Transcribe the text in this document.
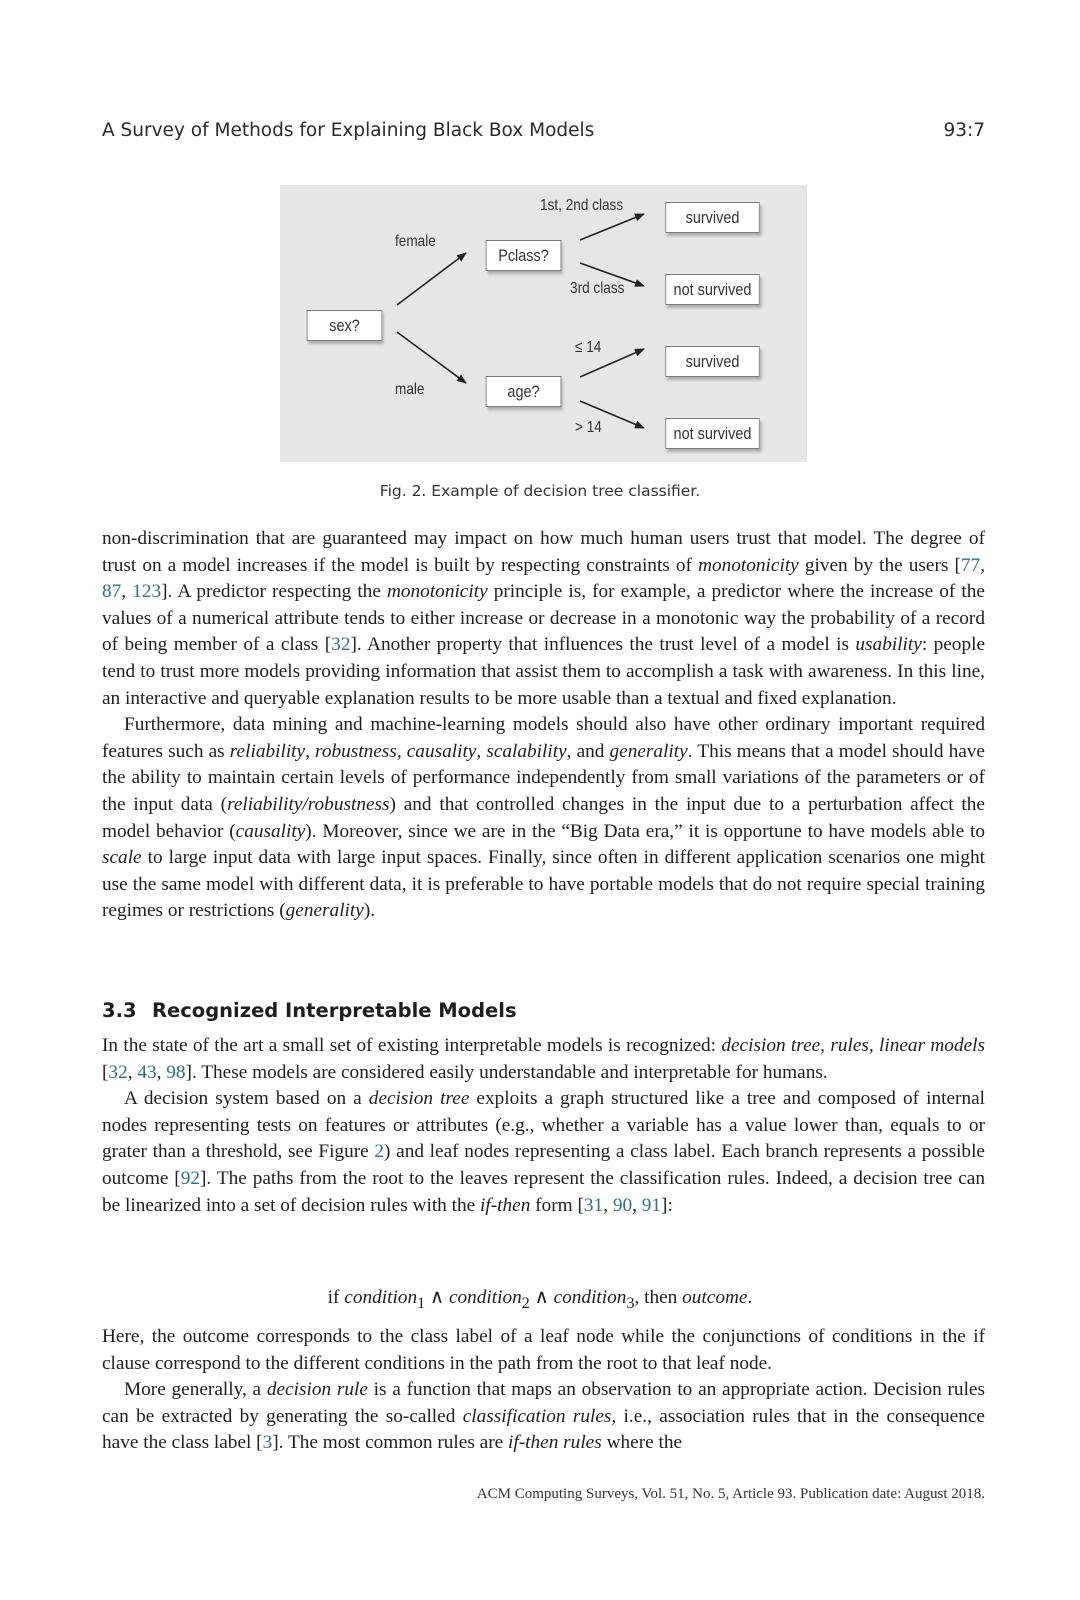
A Survey of Methods for Explaining Black Box Models	93:7
sex?
Pclass?
age?
survived
not survived
survived
not survived
female
male
1st, 2nd class
3rd class
≤ 14
> 14
Fig. 2. Example of decision tree classifier.

non-discrimination that are guaranteed may impact on how much human users trust that model. The degree of trust on a model increases if the model is built by respecting constraints of monotonicity given by the users [77, 87, 123]. A predictor respecting the monotonicity principle is, for example, a predictor where the increase of the values of a numerical attribute tends to either increase or decrease in a monotonic way the probability of a record of being member of a class [32]. Another property that influences the trust level of a model is usability: people tend to trust more models providing information that assist them to accomplish a task with awareness. In this line, an interactive and queryable explanation results to be more usable than a textual and fixed explanation.

Furthermore, data mining and machine-learning models should also have other ordinary important required features such as reliability, robustness, causality, scalability, and generality. This means that a model should have the ability to maintain certain levels of performance independently from small variations of the parameters or of the input data (reliability/robustness) and that controlled changes in the input due to a perturbation affect the model behavior (causality). Moreover, since we are in the “Big Data era,” it is opportune to have models able to scale to large input data with large input spaces. Finally, since often in different application scenarios one might use the same model with different data, it is preferable to have portable models that do not require special training regimes or restrictions (generality).

3.3 Recognized Interpretable Models

In the state of the art a small set of existing interpretable models is recognized: decision tree, rules, linear models [32, 43, 98]. These models are considered easily understandable and interpretable for humans.

A decision system based on a decision tree exploits a graph structured like a tree and composed of internal nodes representing tests on features or attributes (e.g., whether a variable has a value lower than, equals to or grater than a threshold, see Figure 2) and leaf nodes representing a class label. Each branch represents a possible outcome [92]. The paths from the root to the leaves represent the classification rules. Indeed, a decision tree can be linearized into a set of decision rules with the if-then form [31, 90, 91]:

if condition$_1$ ∧ condition$_2$ ∧ condition$_3$, then outcome.

Here, the outcome corresponds to the class label of a leaf node while the conjunctions of conditions in the if clause correspond to the different conditions in the path from the root to that leaf node.

More generally, a decision rule is a function that maps an observation to an appropriate action. Decision rules can be extracted by generating the so-called classification rules, i.e., association rules that in the consequence have the class label [3]. The most common rules are if-then rules where the

ACM Computing Surveys, Vol. 51, No. 5, Article 93. Publication date: August 2018.
